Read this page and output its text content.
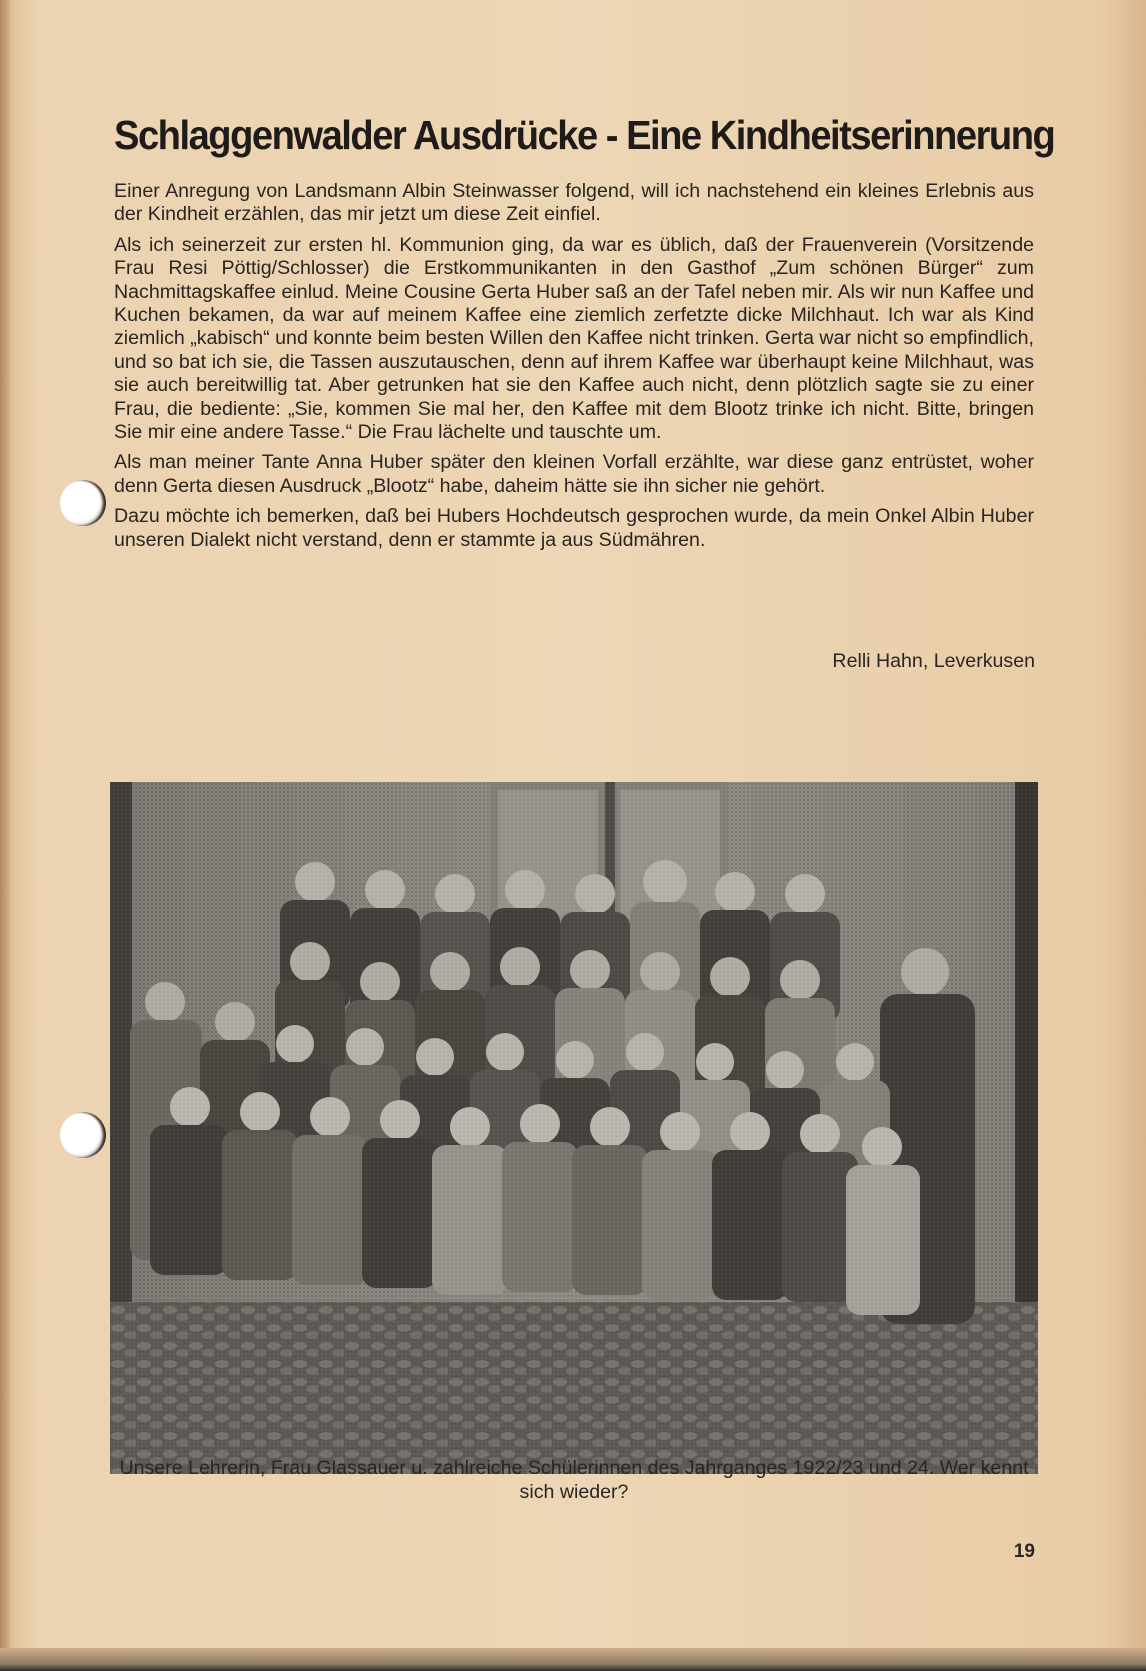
Schlaggenwalder Ausdrücke - Eine Kindheitserinnerung

Einer Anregung von Landsmann Albin Steinwasser folgend, will ich nachstehend ein kleines Erlebnis aus der Kindheit erzählen, das mir jetzt um diese Zeit einfiel.

Als ich seinerzeit zur ersten hl. Kommunion ging, da war es üblich, daß der Frauenverein (Vorsitzende Frau Resi Pöttig/Schlosser) die Erstkommunikanten in den Gasthof „Zum schönen Bürger“ zum Nachmittagskaffee einlud. Meine Cousine Gerta Huber saß an der Tafel neben mir. Als wir nun Kaffee und Kuchen bekamen, da war auf meinem Kaffee eine ziemlich zerfetzte dicke Milchhaut. Ich war als Kind ziemlich „kabisch“ und konnte beim besten Willen den Kaffee nicht trinken. Gerta war nicht so empfindlich, und so bat ich sie, die Tassen auszutauschen, denn auf ihrem Kaffee war überhaupt keine Milchhaut, was sie auch bereitwillig tat. Aber getrunken hat sie den Kaffee auch nicht, denn plötzlich sagte sie zu einer Frau, die bediente: „Sie, kommen Sie mal her, den Kaffee mit dem Blootz trinke ich nicht. Bitte, bringen Sie mir eine andere Tasse.“ Die Frau lächelte und tauschte um.

Als man meiner Tante Anna Huber später den kleinen Vorfall erzählte, war diese ganz entrüstet, woher denn Gerta diesen Ausdruck „Blootz“ habe, daheim hätte sie ihn sicher nie gehört.

Dazu möchte ich bemerken, daß bei Hubers Hochdeutsch gesprochen wurde, da mein Onkel Albin Huber unseren Dialekt nicht verstand, denn er stammte ja aus Südmähren.

Relli Hahn, Leverkusen
Unsere Lehrerin, Frau Glassauer u. zahlreiche Schülerinnen des Jahrganges 1922/23 und 24. Wer kennt sich wieder?
19
